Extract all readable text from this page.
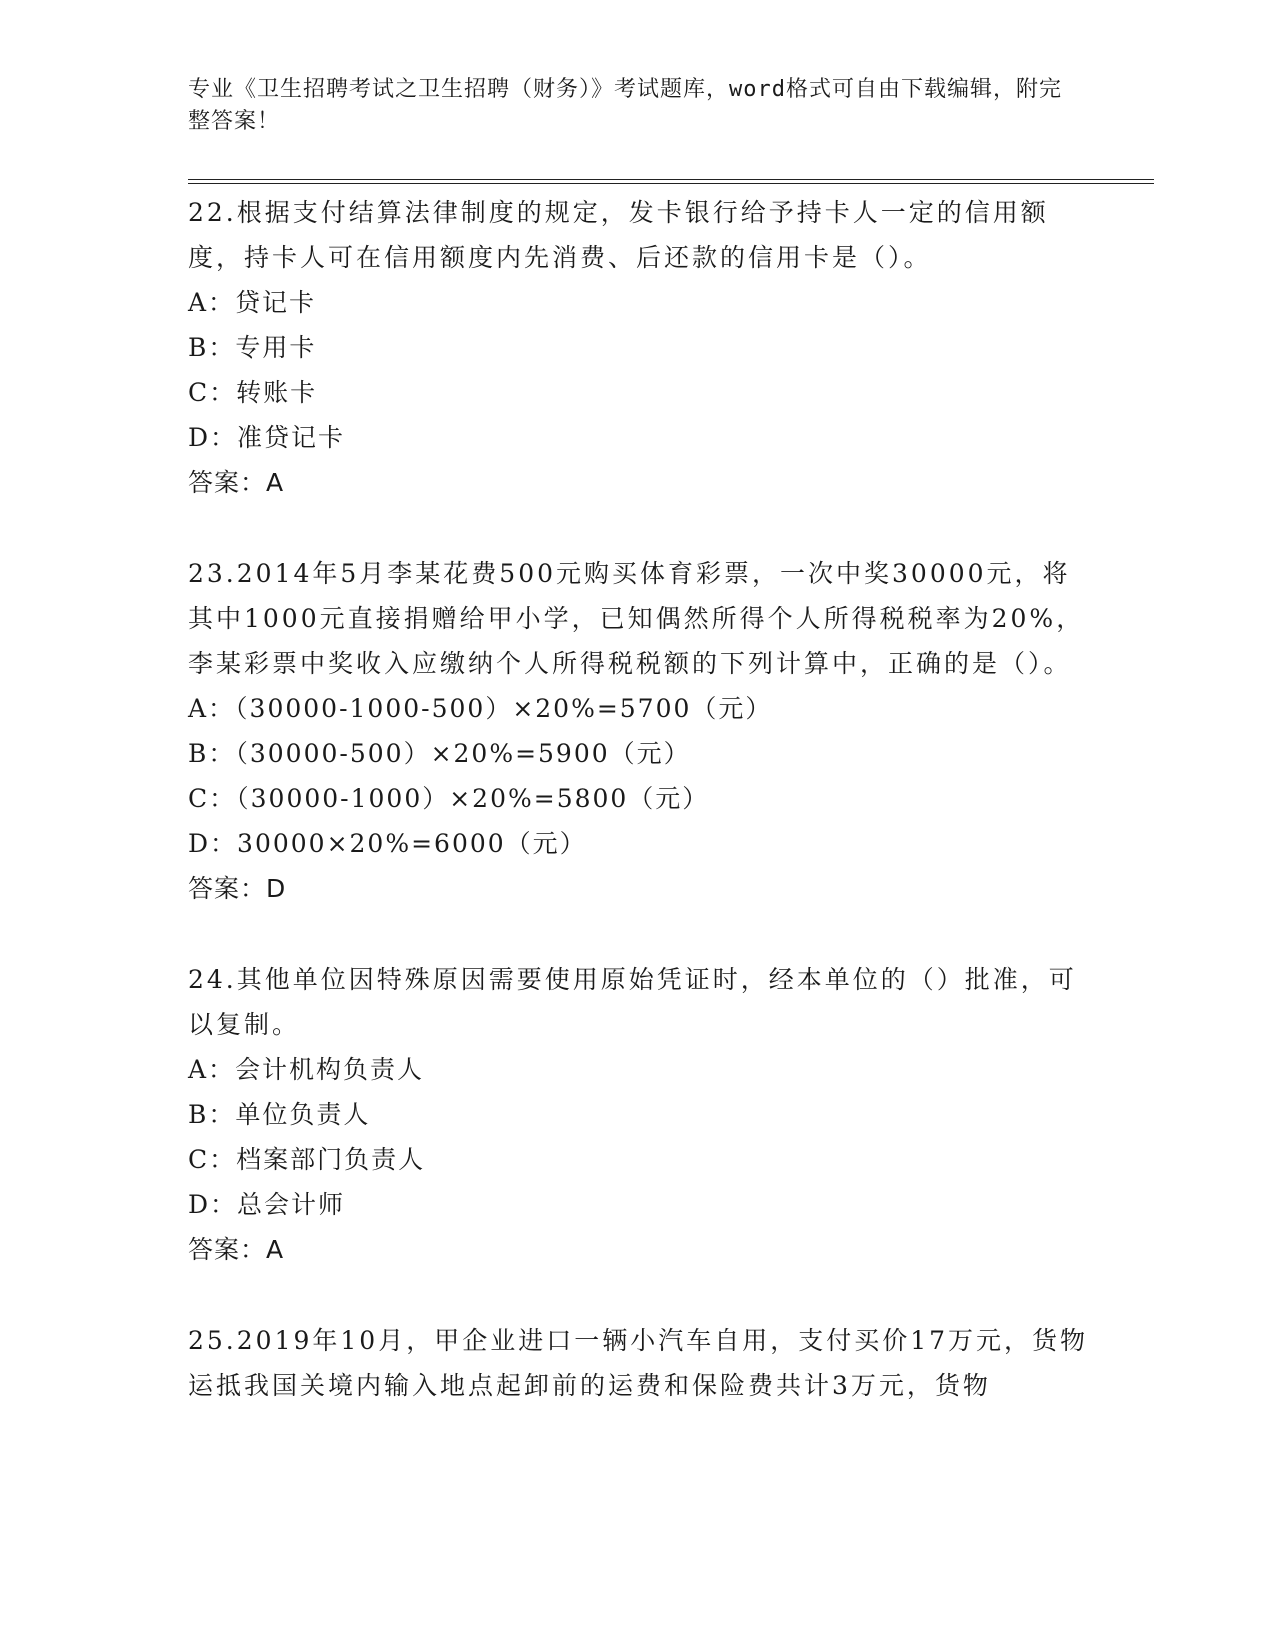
专业《卫生招聘考试之卫生招聘（财务）》考试题库，word格式可自由下载编辑，附完整答案！

22.根据支付结算法律制度的规定，发卡银行给予持卡人一定的信用额度，持卡人可在信用额度内先消费、后还款的信用卡是（）。

A：贷记卡

B：专用卡

C：转账卡

D：准贷记卡

答案：A

23.2014年5月李某花费500元购买体育彩票，一次中奖30000元，将其中1000元直接捐赠给甲小学，已知偶然所得个人所得税税率为20%，李某彩票中奖收入应缴纳个人所得税税额的下列计算中，正确的是（）。

A：（30000-1000-500）×20%=5700（元）

B：（30000-500）×20%=5900（元）

C：（30000-1000）×20%=5800（元）

D：30000×20%=6000（元）

答案：D

24.其他单位因特殊原因需要使用原始凭证时，经本单位的（）批准，可以复制。

A：会计机构负责人

B：单位负责人

C：档案部门负责人

D：总会计师

答案：A

25.2019年10月，甲企业进口一辆小汽车自用，支付买价17万元，货物运抵我国关境内输入地点起卸前的运费和保险费共计3万元，货物
